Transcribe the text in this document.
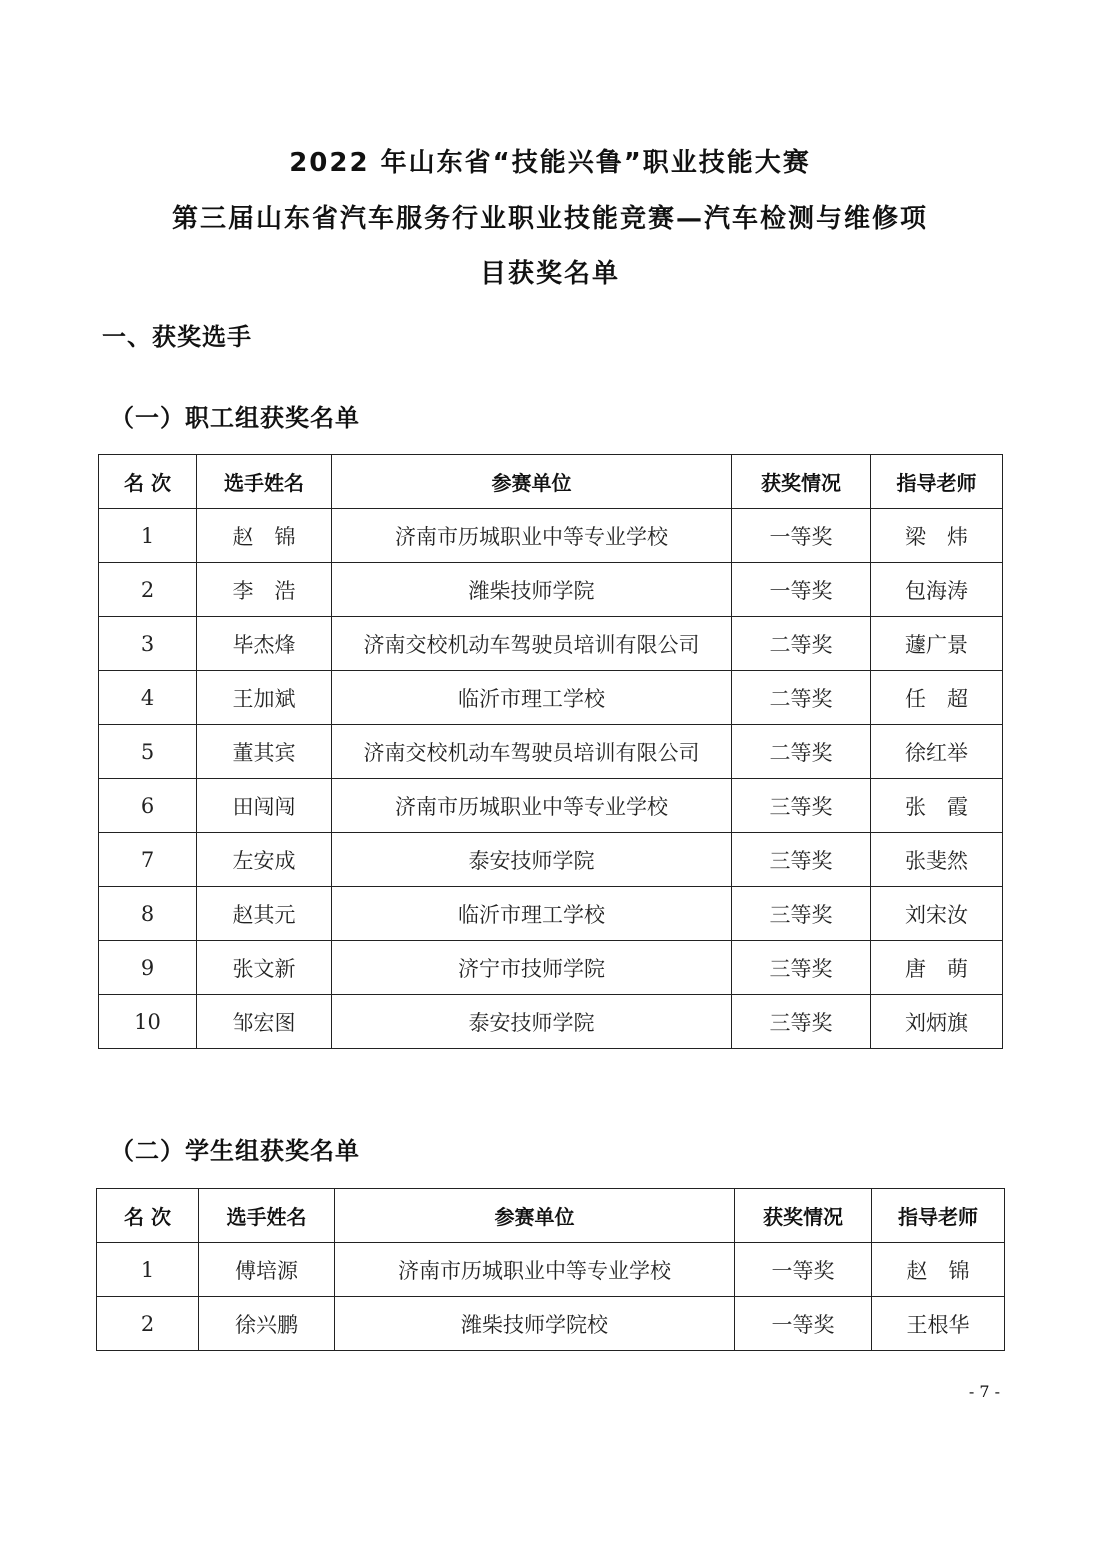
2022 年山东省“技能兴鲁”职业技能大赛
第三届山东省汽车服务行业职业技能竞赛—汽车检测与维修项
目获奖名单
一、获奖选手
（一）职工组获奖名单
名 次	选手姓名	参赛单位	获奖情况	指导老师
1	赵　锦	济南市历城职业中等专业学校	一等奖	梁　炜
2	李　浩	潍柴技师学院	一等奖	包海涛
3	毕杰烽	济南交校机动车驾驶员培训有限公司	二等奖	蘧广景
4	王加斌	临沂市理工学校	二等奖	任　超
5	董其宾	济南交校机动车驾驶员培训有限公司	二等奖	徐红举
6	田闯闯	济南市历城职业中等专业学校	三等奖	张　霞
7	左安成	泰安技师学院	三等奖	张斐然
8	赵其元	临沂市理工学校	三等奖	刘宋汝
9	张文新	济宁市技师学院	三等奖	唐　萌
10	邹宏图	泰安技师学院	三等奖	刘炳旗
（二）学生组获奖名单
名 次	选手姓名	参赛单位	获奖情况	指导老师
1	傅培源	济南市历城职业中等专业学校	一等奖	赵　锦
2	徐兴鹏	潍柴技师学院校	一等奖	王根华
- 7 -
